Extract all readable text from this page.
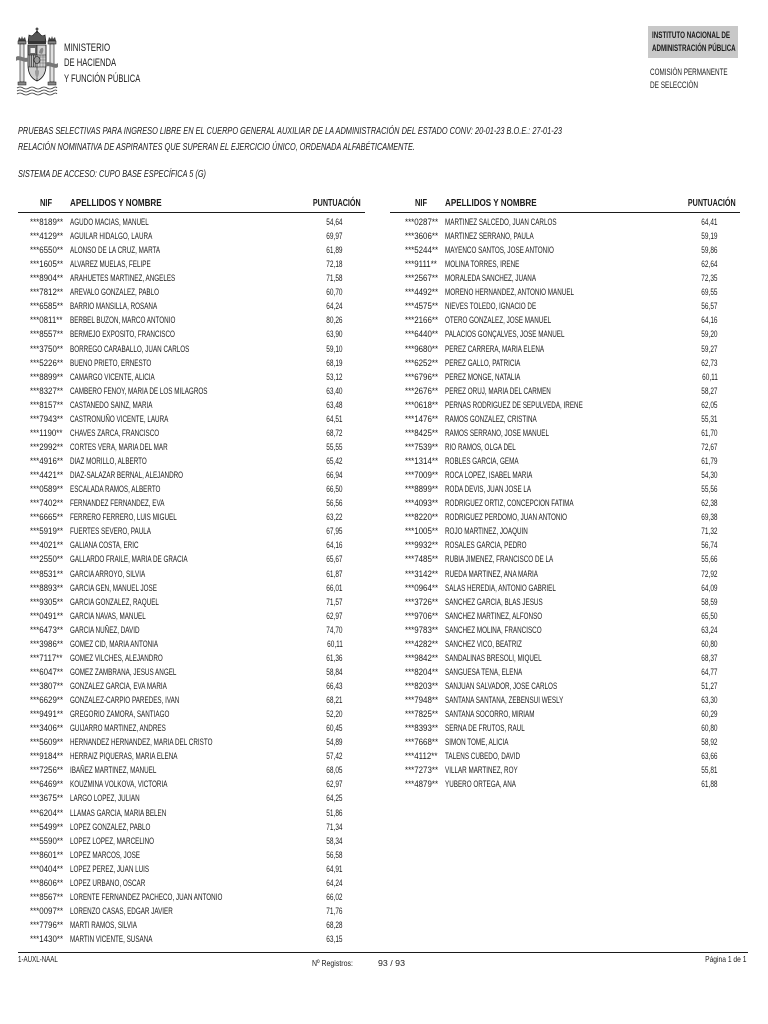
MINISTERIO
DE HACIENDA
Y FUNCIÓN PÚBLICA
INSTITUTO NACIONAL DE
ADMINISTRACIÓN PÚBLICA
COMISIÓN PERMANENTE
DE SELECCIÓN
PRUEBAS SELECTIVAS PARA INGRESO LIBRE EN EL CUERPO GENERAL AUXILIAR DE LA ADMINISTRACIÓN DEL ESTADO CONV: 20-01-23 B.O.E.: 27-01-23
RELACIÓN NOMINATIVA DE ASPIRANTES QUE SUPERAN EL EJERCICIO ÚNICO, ORDENADA ALFABÉTICAMENTE.
SISTEMA DE ACCESO: CUPO BASE ESPECÍFICA 5 (G)
NIF APELLIDOS Y NOMBRE	PUNTUACIÓN
***8189** AGUDO MACIAS, MANUEL	54,64
***4129** AGUILAR HIDALGO, LAURA	69,97
***6550** ALONSO DE LA CRUZ, MARTA	61,89
***1605** ALVAREZ MUELAS, FELIPE	72,18
***8904** ARAHUETES MARTINEZ, ANGELES	71,58
***7812** AREVALO GONZALEZ, PABLO	60,70
***6585** BARRIO MANSILLA, ROSANA	64,24
***0811** BERBEL BUZON, MARCO ANTONIO	80,26
***8557** BERMEJO EXPOSITO, FRANCISCO	63,90
***3750** BORREGO CARABALLO, JUAN CARLOS	59,10
***5226** BUENO PRIETO, ERNESTO	68,19
***8899** CAMARGO VICENTE, ALICIA	53,12
***8327** CAMBERO FENOY, MARIA DE LOS MILAGROS	63,40
***8157** CASTANEDO SAINZ, MARIA	63,48
***7943** CASTRONUÑO VICENTE, LAURA	64,51
***1190** CHAVES ZARCA, FRANCISCO	68,72
***2992** CORTES VERA, MARIA DEL MAR	55,55
***4916** DIAZ MORILLO, ALBERTO	65,42
***4421** DIAZ-SALAZAR BERNAL, ALEJANDRO	66,94
***0589** ESCALADA RAMOS, ALBERTO	66,50
***7402** FERNANDEZ FERNANDEZ, EVA	56,56
***6665** FERRERO FERRERO, LUIS MIGUEL	63,22
***5919** FUERTES SEVERO, PAULA	67,95
***4021** GALIANA COSTA, ERIC	64,16
***2550** GALLARDO FRAILE, MARIA DE GRACIA	65,67
***8531** GARCIA ARROYO, SILVIA	61,87
***8893** GARCIA GEN, MANUEL JOSE	66,01
***9305** GARCIA GONZALEZ, RAQUEL	71,57
***0491** GARCIA NAVAS, MANUEL	62,97
***6473** GARCIA NUÑEZ, DAVID	74,70
***3986** GOMEZ CID, MARIA ANTONIA	60,11
***7117** GOMEZ VILCHES, ALEJANDRO	61,36
***6047** GOMEZ ZAMBRANA, JESUS ANGEL	58,84
***3807** GONZALEZ GARCIA, EVA MARIA	66,43
***6629** GONZALEZ-CARPIO PAREDES, IVAN	68,21
***9491** GREGORIO ZAMORA, SANTIAGO	52,20
***3406** GUIJARRO MARTINEZ, ANDRES	60,45
***5609** HERNANDEZ HERNANDEZ, MARIA DEL CRISTO	54,89
***9184** HERRAIZ PIQUERAS, MARIA ELENA	57,42
***7256** IBAÑEZ MARTINEZ, MANUEL	68,05
***6469** KOUZMINA VOLKOVA, VICTORIA	62,97
***3675** LARGO LOPEZ, JULIAN	64,25
***6204** LLAMAS GARCIA, MARIA BELEN	51,86
***5499** LOPEZ GONZALEZ, PABLO	71,34
***5590** LOPEZ LOPEZ, MARCELINO	58,34
***8601** LOPEZ MARCOS, JOSE	56,58
***0404** LOPEZ PEREZ, JUAN LUIS	64,91
***8606** LOPEZ URBANO, OSCAR	64,24
***8567** LORENTE FERNANDEZ PACHECO, JUAN ANTONIO	66,02
***0097** LORENZO CASAS, EDGAR JAVIER	71,76
***7796** MARTI RAMOS, SILVIA	68,28
***1430** MARTIN VICENTE, SUSANA	63,15
NIF APELLIDOS Y NOMBRE	PUNTUACIÓN
***0287** MARTINEZ SALCEDO, JUAN CARLOS	64,41
***3606** MARTINEZ SERRANO, PAULA	59,19
***5244** MAYENCO SANTOS, JOSE ANTONIO	59,86
***9111** MOLINA TORRES, IRENE	62,64
***2567** MORALEDA SANCHEZ, JUANA	72,35
***4492** MORENO HERNANDEZ, ANTONIO MANUEL	69,55
***4575** NIEVES TOLEDO, IGNACIO DE	56,57
***2166** OTERO GONZALEZ, JOSE MANUEL	64,16
***6440** PALACIOS GONÇALVES, JOSE MANUEL	59,20
***9680** PEREZ CARRERA, MARIA ELENA	59,27
***6252** PEREZ GALLO, PATRICIA	62,73
***6796** PEREZ MONGE, NATALIA	60,11
***2676** PEREZ ORUJ, MARIA DEL CARMEN	58,27
***0618** PERNAS RODRIGUEZ DE SEPULVEDA, IRENE	62,05
***1476** RAMOS GONZALEZ, CRISTINA	55,31
***8425** RAMOS SERRANO, JOSE MANUEL	61,70
***7539** RIO RAMOS, OLGA DEL	72,67
***1314** ROBLES GARCIA, GEMA	61,79
***7009** ROCA LOPEZ, ISABEL MARIA	54,30
***8899** RODA DEVIS, JUAN JOSE LA	55,56
***4093** RODRIGUEZ ORTIZ, CONCEPCION FATIMA	62,38
***8220** RODRIGUEZ PERDOMO, JUAN ANTONIO	69,38
***1005** ROJO MARTINEZ, JOAQUIN	71,32
***9932** ROSALES GARCIA, PEDRO	56,74
***7485** RUBIA JIMENEZ, FRANCISCO DE LA	55,66
***3142** RUEDA MARTINEZ, ANA MARIA	72,92
***0964** SALAS HEREDIA, ANTONIO GABRIEL	64,09
***3726** SANCHEZ GARCIA, BLAS JESUS	58,59
***9706** SANCHEZ MARTINEZ, ALFONSO	65,50
***9783** SANCHEZ MOLINA, FRANCISCO	63,24
***4282** SANCHEZ VICO, BEATRIZ	60,80
***9842** SANDALINAS BRESOLI, MIQUEL	68,37
***8204** SANGUESA TENA, ELENA	64,77
***8203** SANJUAN SALVADOR, JOSE CARLOS	51,27
***7948** SANTANA SANTANA, ZEBENSUI WESLY	63,30
***7825** SANTANA SOCORRO, MIRIAM	60,29
***8393** SERNA DE FRUTOS, RAUL	60,80
***7668** SIMON TOME, ALICIA	58,92
***4112** TALENS CUBEDO, DAVID	63,66
***7273** VILLAR MARTINEZ, ROY	55,81
***4879** YUBERO ORTEGA, ANA	61,88
1-AUXL-NAAL	Nº Registros:	93 / 93	Página 1 de 1
